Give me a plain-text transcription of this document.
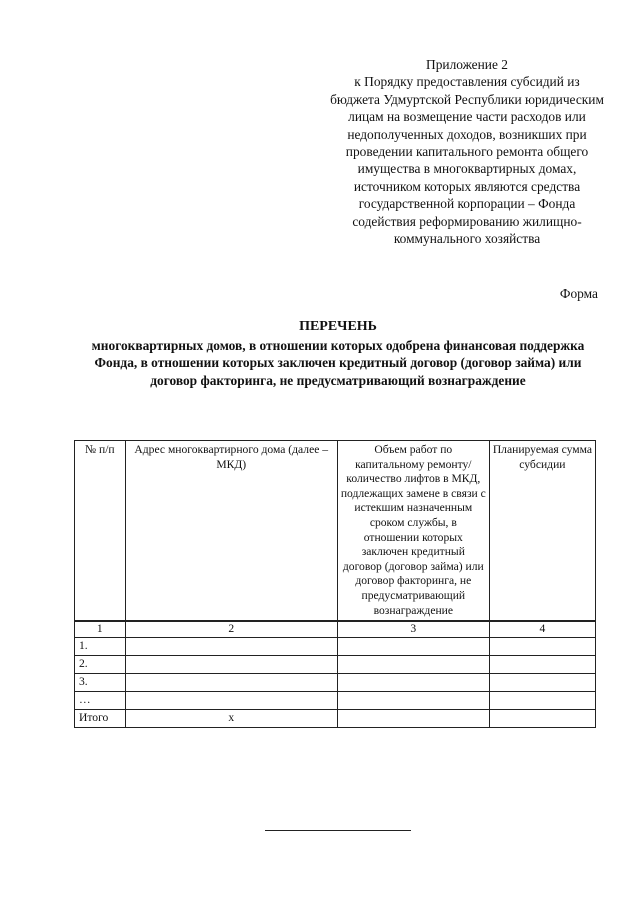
Приложение 2
к Порядку предоставления субсидий из бюджета Удмуртской Республики юридическим лицам на возмещение части расходов или недополученных доходов, возникших при проведении капитального ремонта общего имущества в многоквартирных домах, источником которых являются средства государственной корпорации – Фонда содействия реформированию жилищно-коммунального хозяйства
Форма
ПЕРЕЧЕНЬ
многоквартирных домов, в отношении которых одобрена финансовая поддержка Фонда, в отношении которых заключен кредитный договор (договор займа) или договор факторинга, не предусматривающий вознаграждение
№ п/п	Адрес многоквартирного дома (далее – МКД)	Объем работ по капитальному ремонту/количество лифтов в МКД, подлежащих замене в связи с истекшим назначенным сроком службы, в отношении которых заключен кредитный договор (договор займа) или договор факторинга, не предусматривающий вознаграждение	Планируемая сумма субсидии
1	2	3	4
1.			
2.			
3.			
…			
Итого	x		
